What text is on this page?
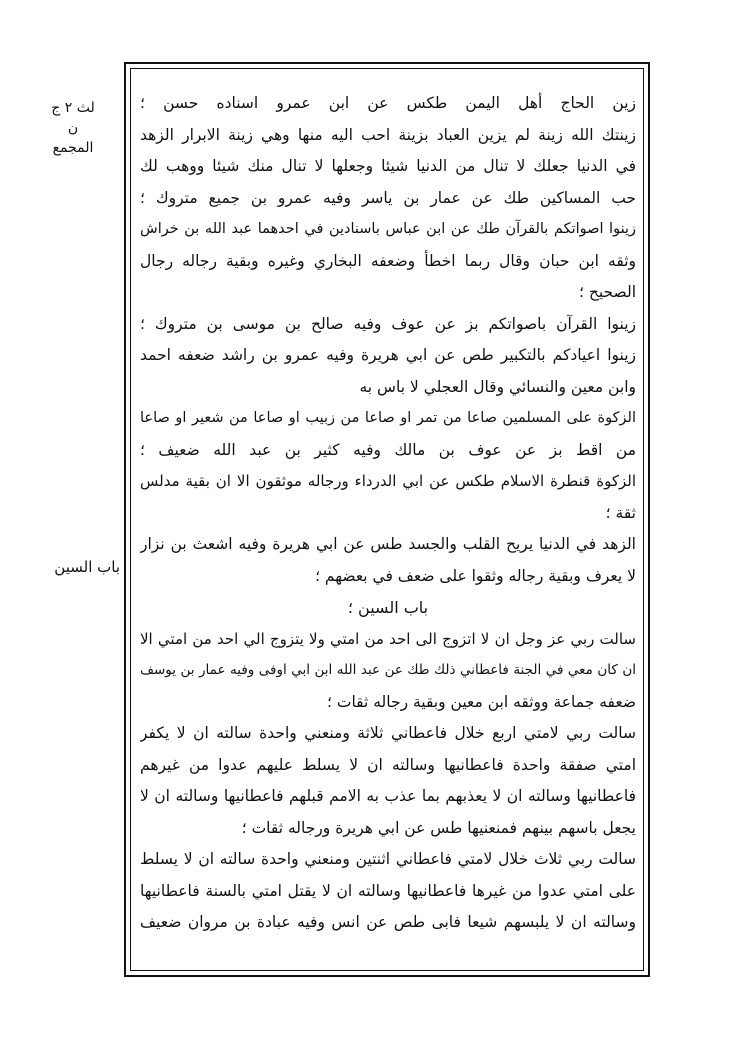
لث ٢ ج
ن
المجمع
باب السين
زين الحاج أهل اليمن طكس عن ابن عمرو اسناده حسن ؛
زينتك الله زينة لم يزين العباد بزينة احب اليه منها وهي زينة الابرار الزهد
في الدنيا جعلك لا تنال من الدنيا شيئا وجعلها لا تنال منك شيئا ووهب لك
حب المساكين طك عن عمار بن ياسر وفيه عمرو بن جميع متروك ؛
زينوا اصواتكم بالقرآن طك عن ابن عباس باسنادين في احدهما عبد الله بن خراش
وثقه ابن حبان وقال ربما اخطأ وضعفه البخاري وغيره وبقية رجاله رجال
الصحيح ؛
زينوا القرآن باصواتكم بز عن عوف وفيه صالح بن موسى بن متروك ؛
زينوا اعيادكم بالتكبير طص عن ابي هريرة وفيه عمرو بن راشد ضعفه احمد
وابن معين والنسائي وقال العجلي لا باس به
الزكوة على المسلمين صاعا من تمر او صاعا من زبيب او صاعا من شعير او صاعا
من اقط بز عن عوف بن مالك وفيه كثير بن عبد الله ضعيف ؛
الزكوة قنطرة الاسلام طكس عن ابي الدرداء ورجاله موثقون الا ان بقية مدلس
ثقة ؛
الزهد في الدنيا يريح القلب والجسد طس عن ابي هريرة وفيه اشعث بن نزار
لا يعرف وبقية رجاله وثقوا على ضعف في بعضهم ؛
باب السين ؛
سالت ربي عز وجل ان لا اتزوج الى احد من امتي ولا يتزوج الي احد من امتي الا
ان كان معي في الجنة فاعطاني ذلك طك عن عبد الله ابن ابي اوفى وفيه عمار بن يوسف
ضعفه جماعة ووثقه ابن معين وبقية رجاله ثقات ؛
سالت ربي لامتي اربع خلال فاعطاني ثلاثة ومنعني واحدة سالته ان لا يكفر
امتي صفقة واحدة فاعطانيها وسالته ان لا يسلط عليهم عدوا من غيرهم
فاعطانيها وسالته ان لا يعذبهم بما عذب به الامم قبلهم فاعطانيها وسالته ان لا
يجعل باسهم بينهم فمنعنيها طس عن ابي هريرة ورجاله ثقات ؛
سالت ربي ثلاث خلال لامتي فاعطاني اثنتين ومنعني واحدة سالته ان لا يسلط
على امتي عدوا من غيرها فاعطانيها وسالته ان لا يقتل امتي بالسنة فاعطانيها
وسالته ان لا يلبسهم شيعا فابى طص عن انس وفيه عبادة بن مروان ضعيف
